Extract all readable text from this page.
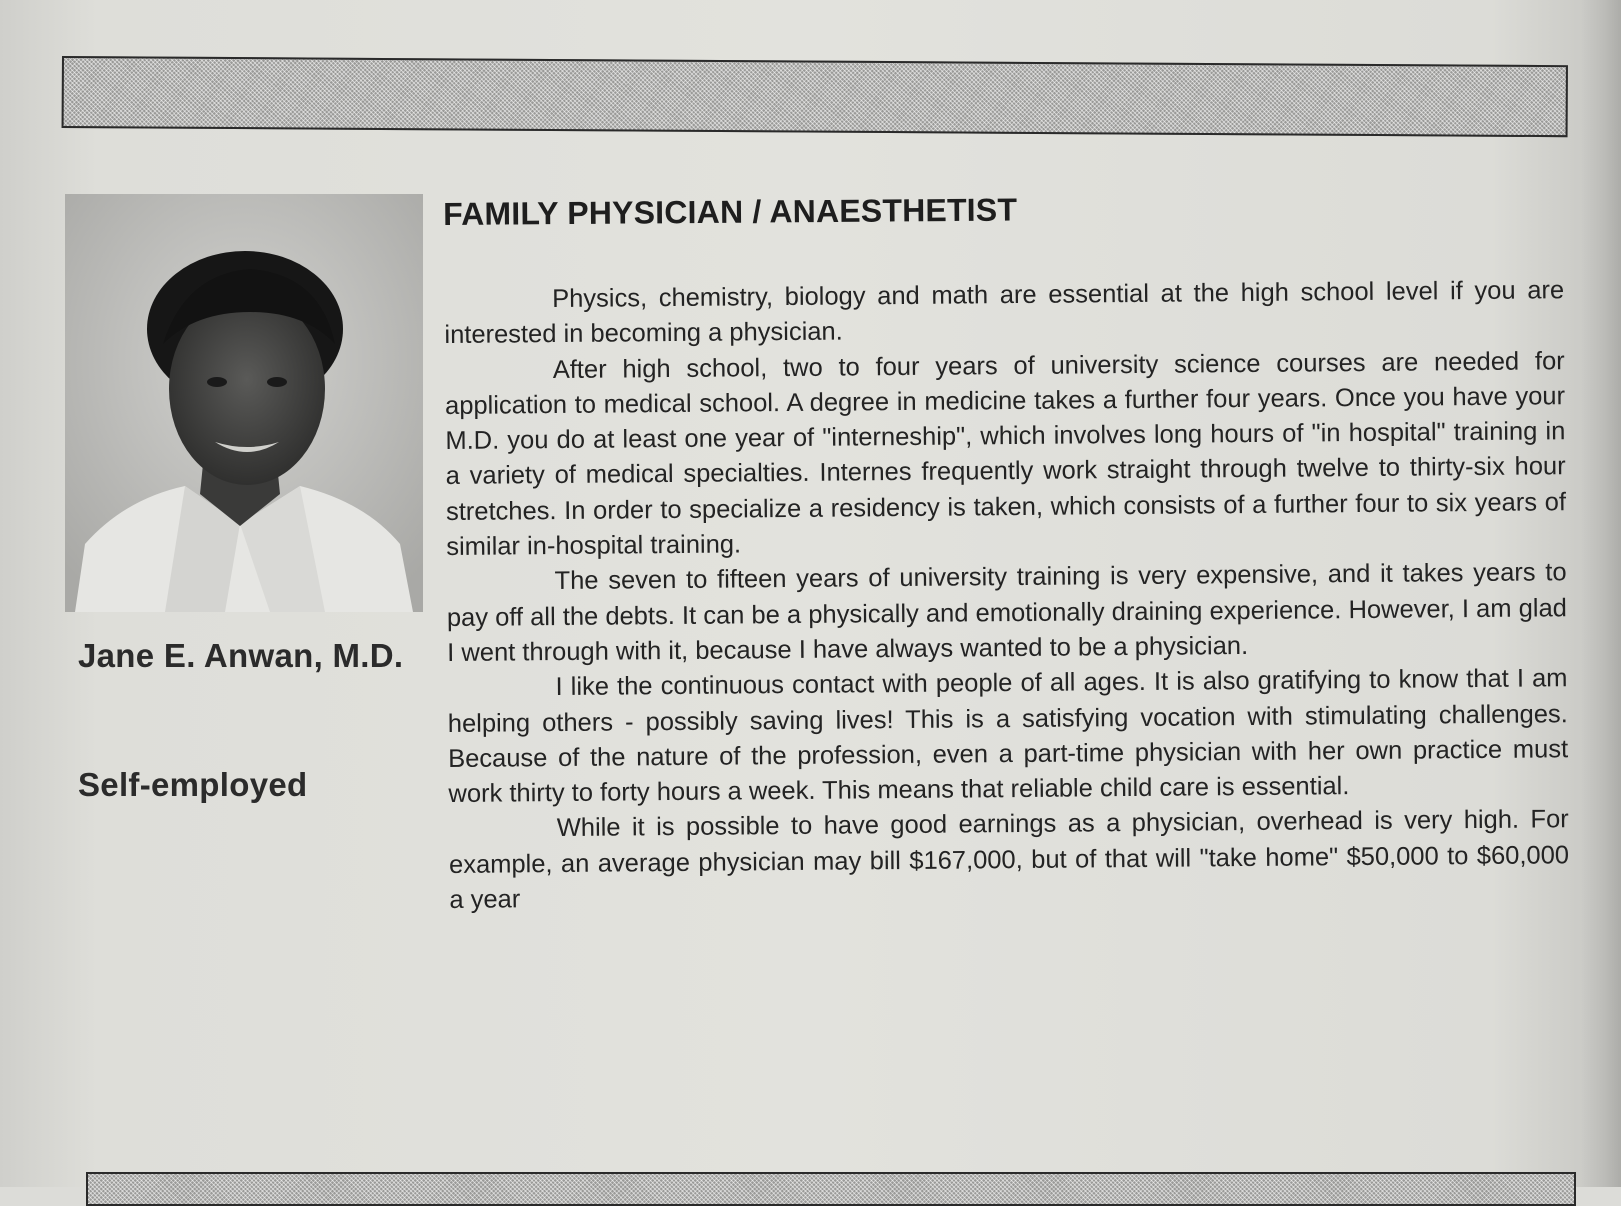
Jane E. Anwan, M.D.
Self-employed
FAMILY PHYSICIAN / ANAESTHETIST

Physics, chemistry, biology and math are essential at the high school level if you are interested in becoming a physician.

After high school, two to four years of university science courses are needed for application to medical school. A degree in medicine takes a further four years. Once you have your M.D. you do at least one year of "interneship", which involves long hours of "in hospital" training in a variety of medical specialties. Internes frequently work straight through twelve to thirty-six hour stretches. In order to specialize a residency is taken, which consists of a further four to six years of similar in-hospital training.

The seven to fifteen years of university training is very expensive, and it takes years to pay off all the debts. It can be a physically and emotionally draining experience. However, I am glad I went through with it, because I have always wanted to be a physician.

I like the continuous contact with people of all ages. It is also gratifying to know that I am helping others - possibly saving lives! This is a satisfying vocation with stimulating challenges. Because of the nature of the profession, even a part-time physician with her own practice must work thirty to forty hours a week. This means that reliable child care is essential.

While it is possible to have good earnings as a physician, overhead is very high. For example, an average physician may bill $167,000, but of that will "take home" $50,000 to $60,000 a year
